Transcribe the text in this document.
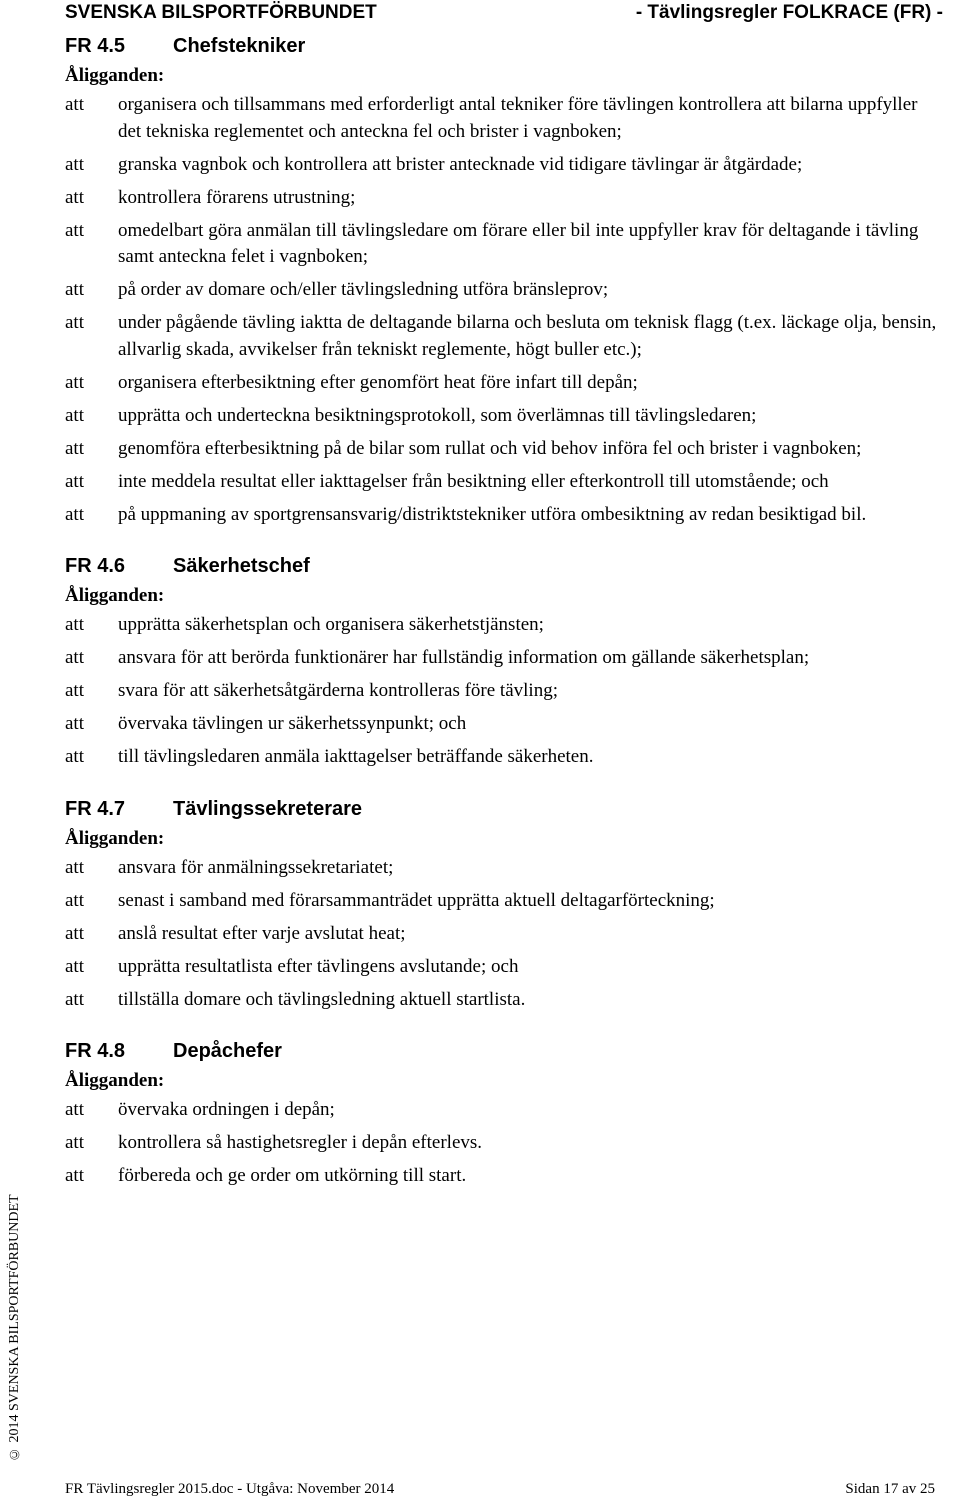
SVENSKA BILSPORTFÖRBUNDET	- Tävlingsregler FOLKRACE (FR) -
FR 4.5 Chefstekniker
Åligganden:
att	organisera och tillsammans med erforderligt antal tekniker före tävlingen kontrollera att bilarna uppfyller det tekniska reglementet och anteckna fel och brister i vagnboken;
att	granska vagnbok och kontrollera att brister antecknade vid tidigare tävlingar är åtgärdade;
att	kontrollera förarens utrustning;
att	omedelbart göra anmälan till tävlingsledare om förare eller bil inte uppfyller krav för deltagande i tävling samt anteckna felet i vagnboken;
att	på order av domare och/eller tävlingsledning utföra bränsleprov;
att	under pågående tävling iaktta de deltagande bilarna och besluta om teknisk flagg (t.ex. läckage olja, bensin, allvarlig skada, avvikelser från tekniskt reglemente, högt buller etc.);
att	organisera efterbesiktning efter genomfört heat före infart till depån;
att	upprätta och underteckna besiktningsprotokoll, som överlämnas till tävlingsledaren;
att	genomföra efterbesiktning på de bilar som rullat och vid behov införa fel och brister i vagnboken;
att	inte meddela resultat eller iakttagelser från besiktning eller efterkontroll till utomstående; och
att	på uppmaning av sportgrensansvarig/distriktstekniker utföra ombesiktning av redan besiktigad bil.
FR 4.6 Säkerhetschef
Åligganden:
att	upprätta säkerhetsplan och organisera säkerhetstjänsten;
att	ansvara för att berörda funktionärer har fullständig information om gällande säkerhetsplan;
att	svara för att säkerhetsåtgärderna kontrolleras före tävling;
att	övervaka tävlingen ur säkerhetssynpunkt; och
att	till tävlingsledaren anmäla iakttagelser beträffande säkerheten.
FR 4.7 Tävlingssekreterare
Åligganden:
att	ansvara för anmälningssekretariatet;
att	senast i samband med förarsammanträdet upprätta aktuell deltagarförteckning;
att	anslå resultat efter varje avslutat heat;
att	upprätta resultatlista efter tävlingens avslutande; och
att	tillställa domare och tävlingsledning aktuell startlista.
FR 4.8 Depåchefer
Åligganden:
att	övervaka ordningen i depån;
att	kontrollera så hastighetsregler i depån efterlevs.
att	förbereda och ge order om utkörning till start.
© 2014 SVENSKA BILSPORTFÖRBUNDET
FR Tävlingsregler 2015.doc - Utgåva: November 2014	Sidan 17 av 25
